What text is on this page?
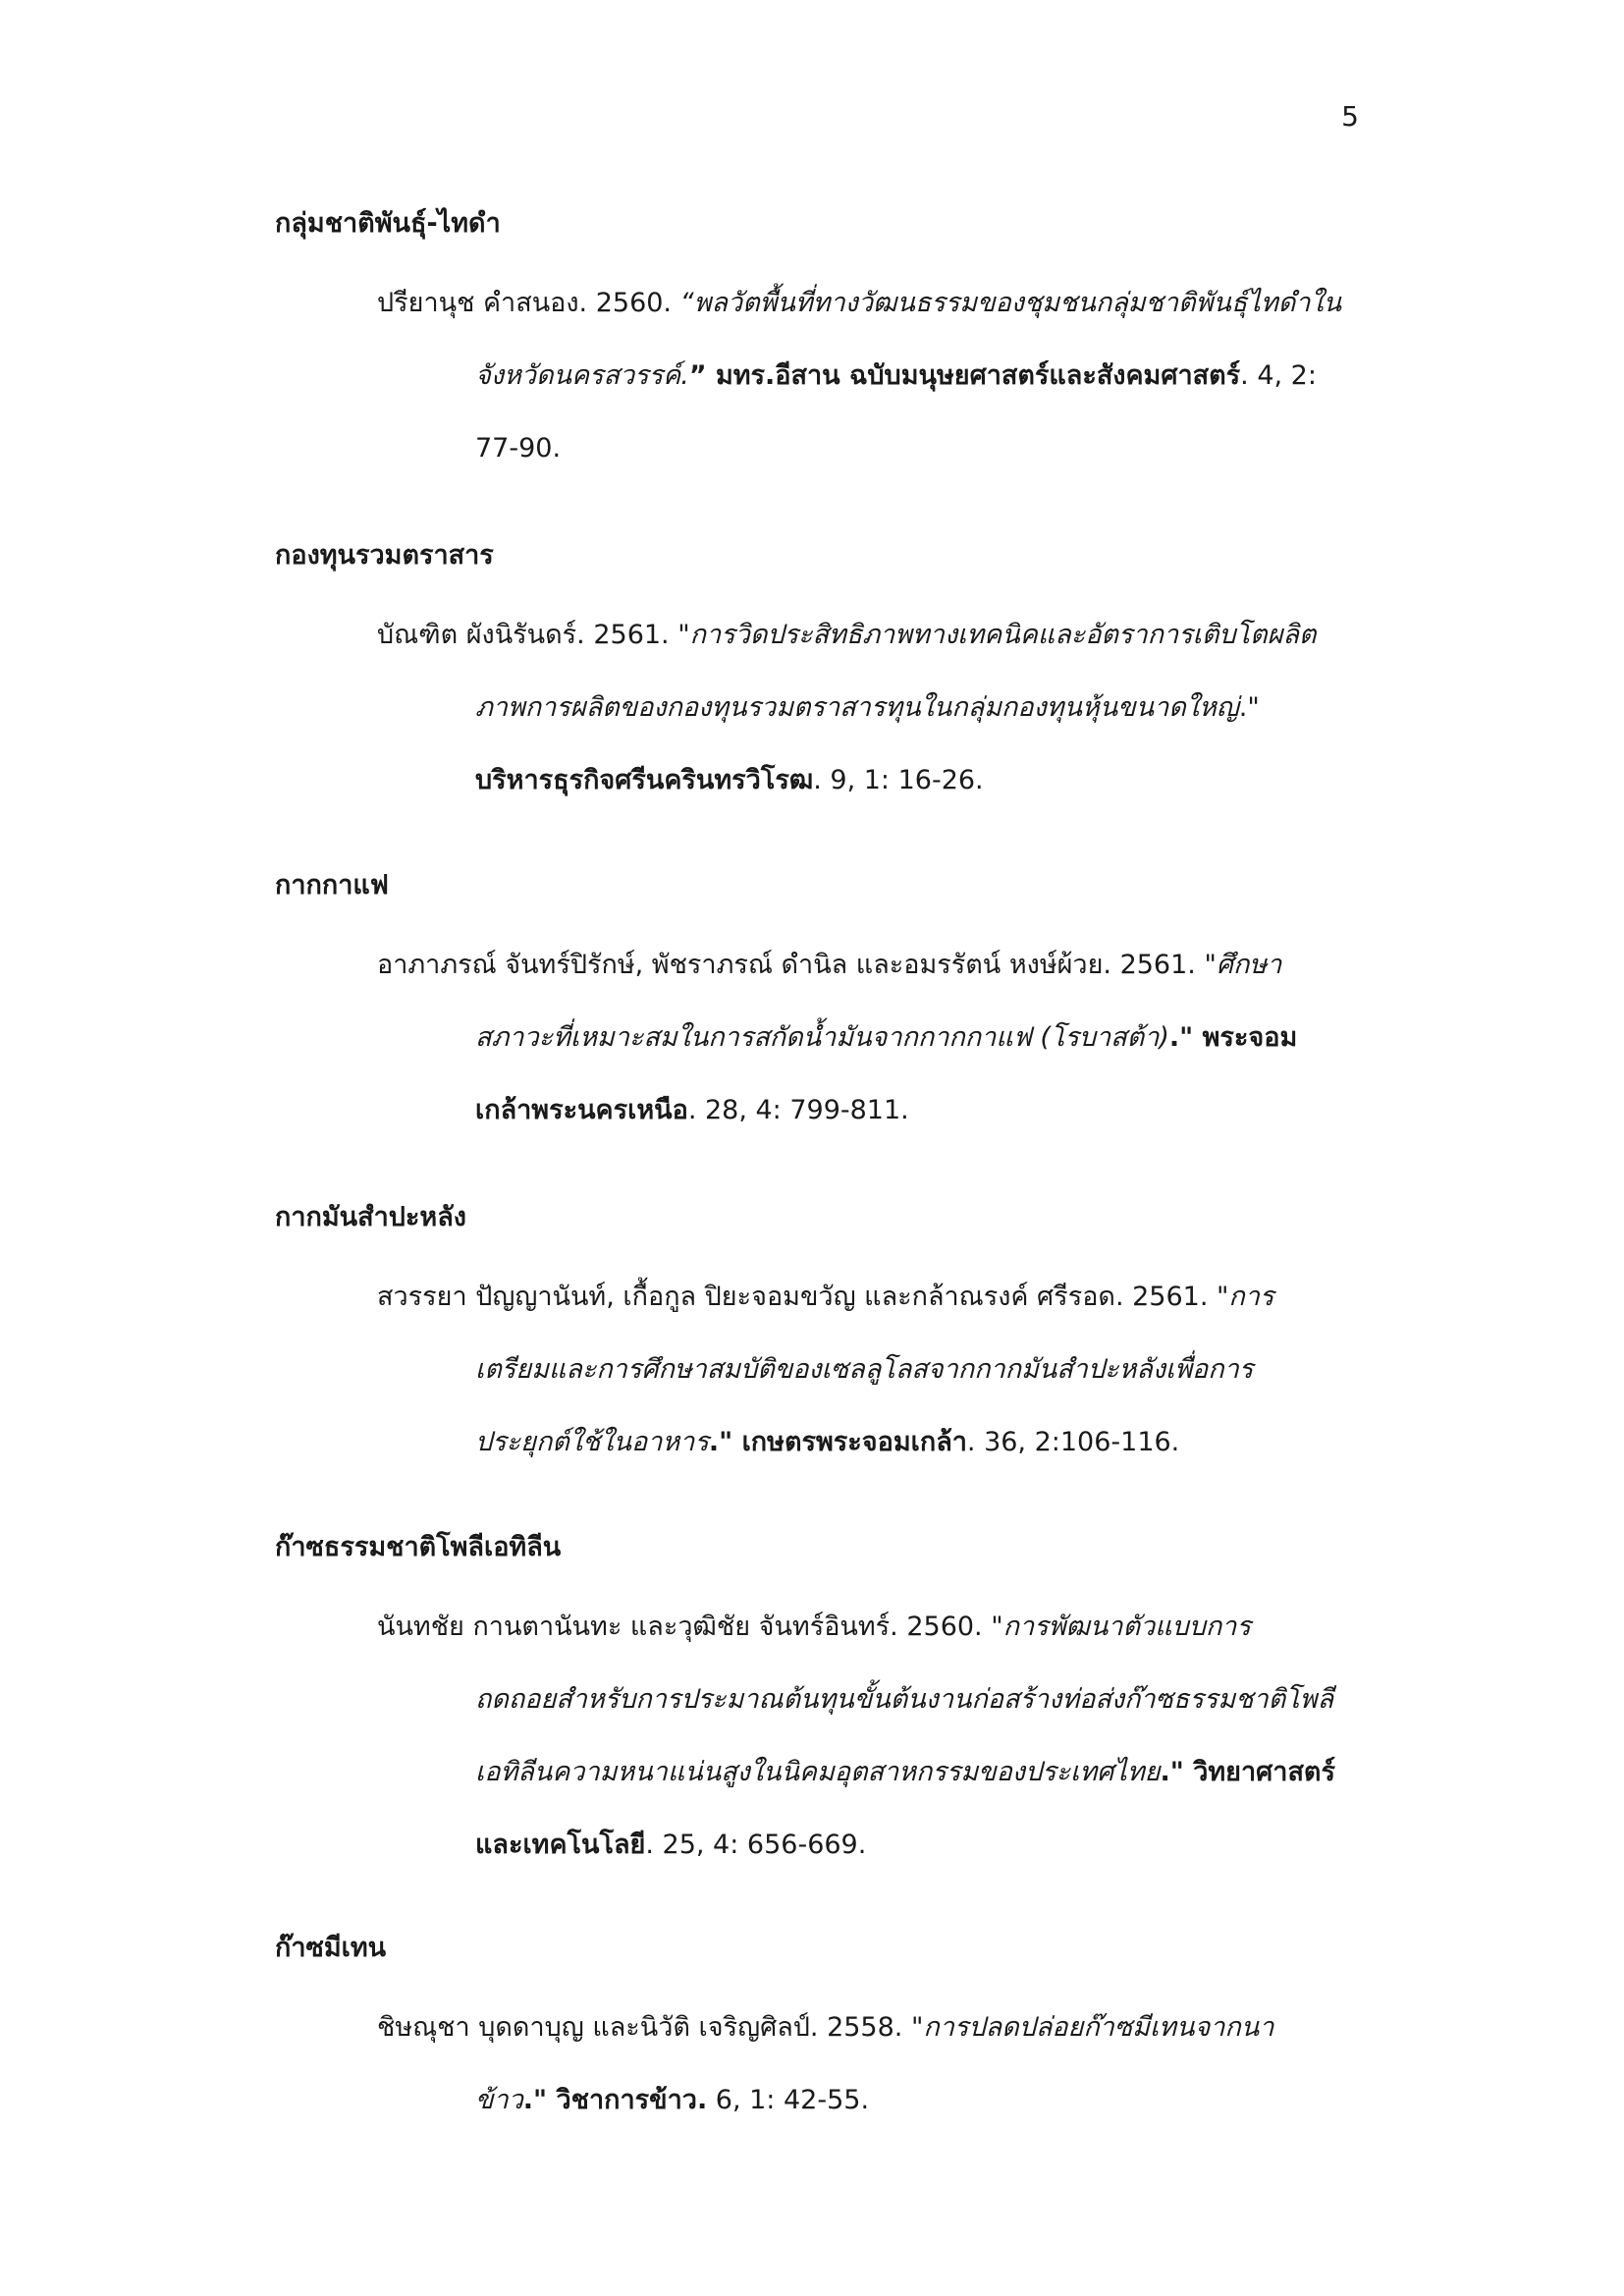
5
กลุ่มชาติพันธุ์-ไทดำ
ปรียานุช คำสนอง. 2560. “พลวัตพื้นที่ทางวัฒนธรรมของชุมชนกลุ่มชาติพันธุ์ไทดำใน
จังหวัดนครสวรรค์.” มทร.อีสาน ฉบับมนุษยศาสตร์และสังคมศาสตร์. 4, 2:
77-90.
กองทุนรวมตราสาร
บัณฑิต ผังนิรันดร์. 2561. "การวิดประสิทธิภาพทางเทคนิคและอัตราการเติบโตผลิต
ภาพการผลิตของกองทุนรวมตราสารทุนในกลุ่มกองทุนหุ้นขนาดใหญ่."
บริหารธุรกิจศรีนครินทรวิโรฒ. 9, 1: 16-26.
กากกาแฟ
อาภาภรณ์ จันทร์ปิรักษ์, พัชราภรณ์ ดำนิล และอมรรัตน์ หงษ์ผ้วย. 2561. "ศึกษา
สภาวะที่เหมาะสมในการสกัดน้ำมันจากกากกาแฟ (โรบาสต้า)." พระจอม
เกล้าพระนครเหนือ. 28, 4: 799-811.
กากมันสำปะหลัง
สวรรยา ปัญญานันท์, เกื้อกูล ปิยะจอมขวัญ และกล้าณรงค์ ศรีรอด. 2561. "การ
เตรียมและการศึกษาสมบัติของเซลลูโลสจากกากมันสำปะหลังเพื่อการ
ประยุกต์ใช้ในอาหาร." เกษตรพระจอมเกล้า. 36, 2:106-116.
ก๊าซธรรมชาติโพลีเอทิลีน
นันทชัย กานตานันทะ และวุฒิชัย จันทร์อินทร์. 2560. "การพัฒนาตัวแบบการ
ถดถอยสำหรับการประมาณต้นทุนขั้นต้นงานก่อสร้างท่อส่งก๊าซธรรมชาติโพลี
เอทิลีนความหนาแน่นสูงในนิคมอุตสาหกรรมของประเทศไทย." วิทยาศาสตร์
และเทคโนโลยี. 25, 4: 656-669.
ก๊าซมีเทน
ชิษณุชา บุดดาบุญ และนิวัติ เจริญศิลป์. 2558. "การปลดปล่อยก๊าซมีเทนจากนา
ข้าว." วิชาการข้าว. 6, 1: 42-55.
